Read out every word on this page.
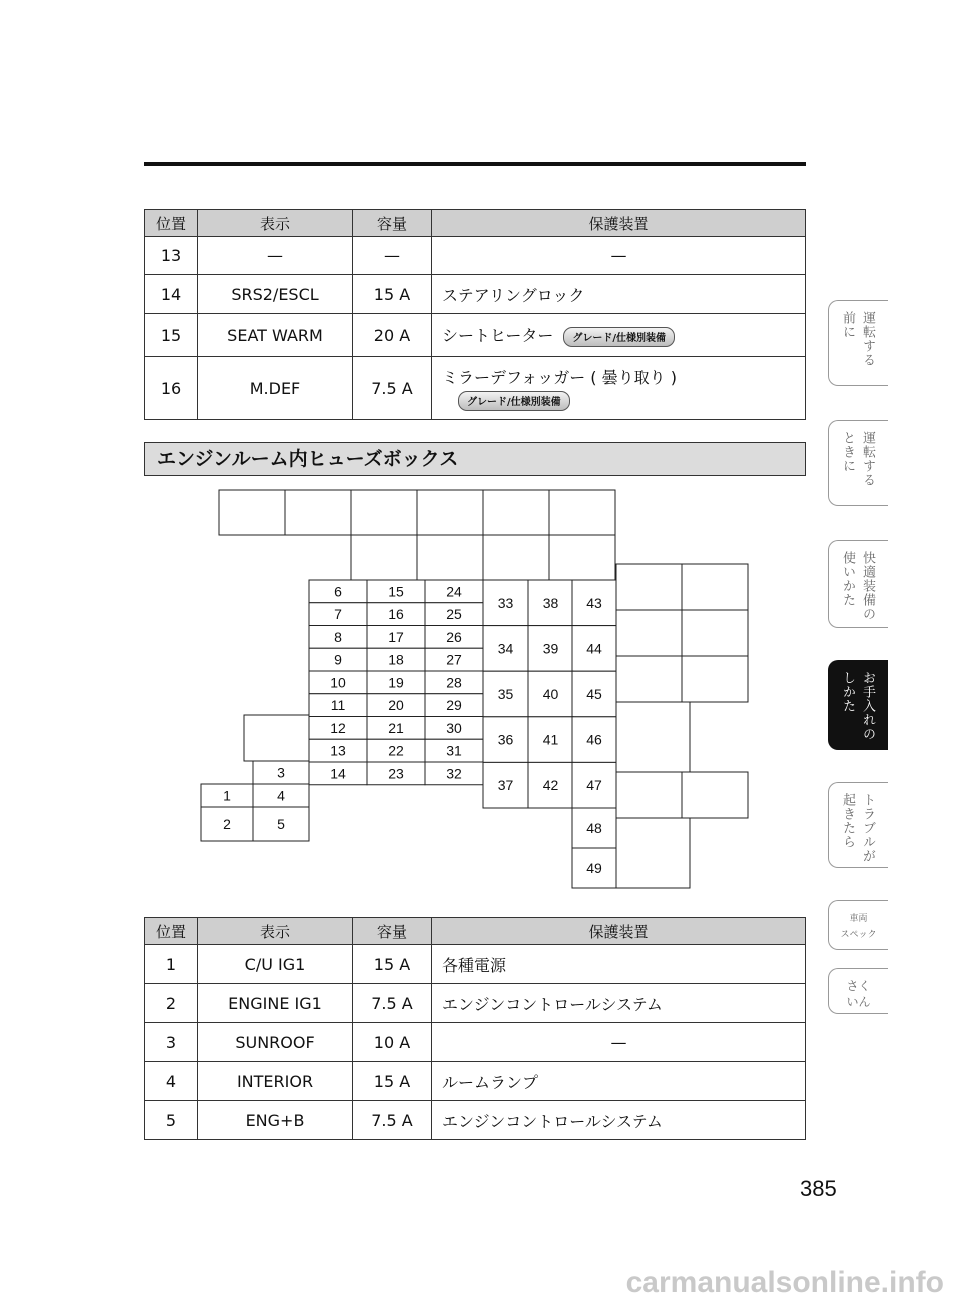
位置	表示	容量	保護装置
13	—	—	—
14	SRS2/ESCL	15 A	ステアリングロック
15	SEAT WARM	20 A	シートヒーター グレード/仕様別装備
16	M.DEF	7.5 A	ミラーデフォッガー ( 曇り取り )
グレード/仕様別装備
エンジンルーム内ヒューズボックス
3
1	4
2	5
6	15	24
7	16	25
8	17	26
9	18	27
10	19	28
11	20	29
12	21	30
13	22	31
14	23	32
33 38 43
34 39 44
35 40 45
36 41 46
37 42 47
48
49
位置	表示	容量	保護装置
1	C/U IG1	15 A	各種電源
2	ENGINE IG1	7.5 A	エンジンコントロールシステム
3	SUNROOF	10 A	—
4	INTERIOR	15 A	ルームランプ
5	ENG+B	7.5 A	エンジンコントロールシステム
運転する
前に
運転する
ときに
快適装備の
使いかた
お手入れの
しかた
トラブルが
起きたら
車両
スペック
さく
いん
385
carmanualsonline.info
